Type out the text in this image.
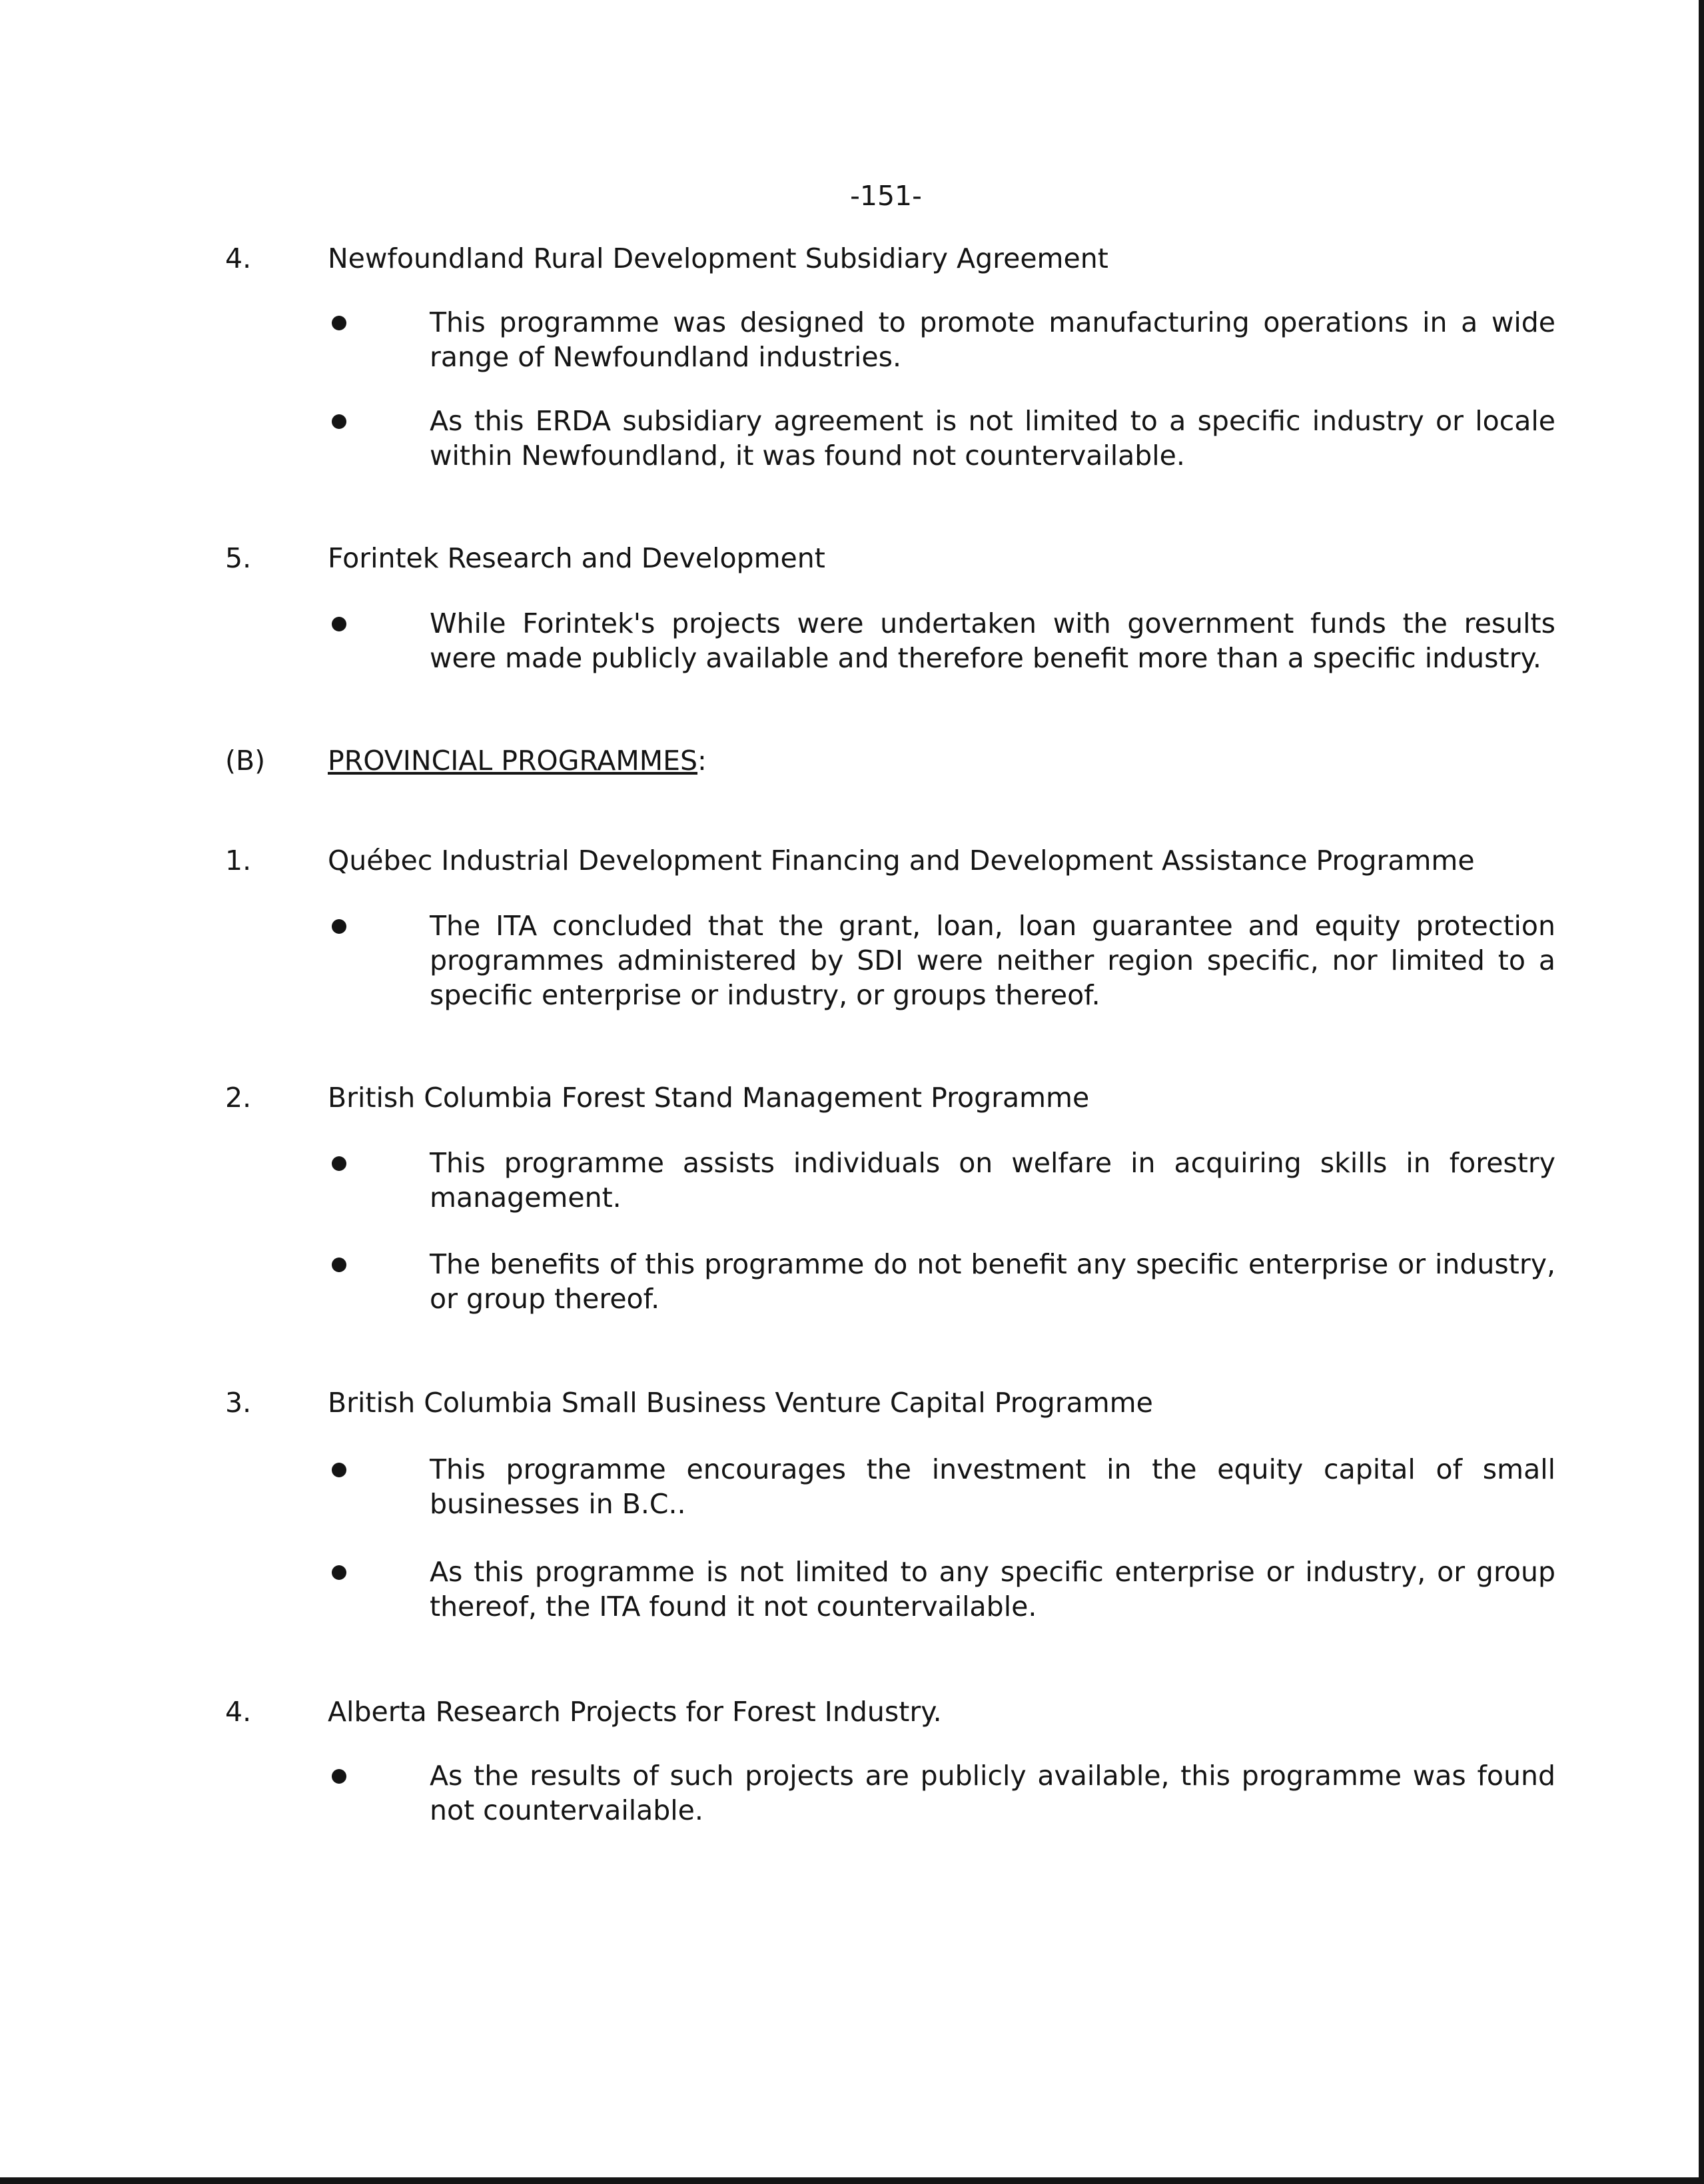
-151-
4.	Newfoundland Rural Development Subsidiary Agreement
This programme was designed to promote manufacturing operations in a wide range of Newfoundland industries.
As this ERDA subsidiary agreement is not limited to a specific industry or locale within Newfoundland, it was found not countervailable.
5.	Forintek Research and Development
While Forintek's projects were undertaken with government funds the results were made publicly available and therefore benefit more than a specific industry.
(B)	PROVINCIAL PROGRAMMES:
1.	Québec Industrial Development Financing and Development Assistance Programme
The ITA concluded that the grant, loan, loan guarantee and equity protection programmes administered by SDI were neither region specific, nor limited to a specific enterprise or industry, or groups thereof.
2.	British Columbia Forest Stand Management Programme
This programme assists individuals on welfare in acquiring skills in forestry management.
The benefits of this programme do not benefit any specific enterprise or industry, or group thereof.
3.	British Columbia Small Business Venture Capital Programme
This programme encourages the investment in the equity capital of small businesses in B.C..
As this programme is not limited to any specific enterprise or industry, or group thereof, the ITA found it not countervailable.
4.	Alberta Research Projects for Forest Industry.
As the results of such projects are publicly available, this programme was found not countervailable.
